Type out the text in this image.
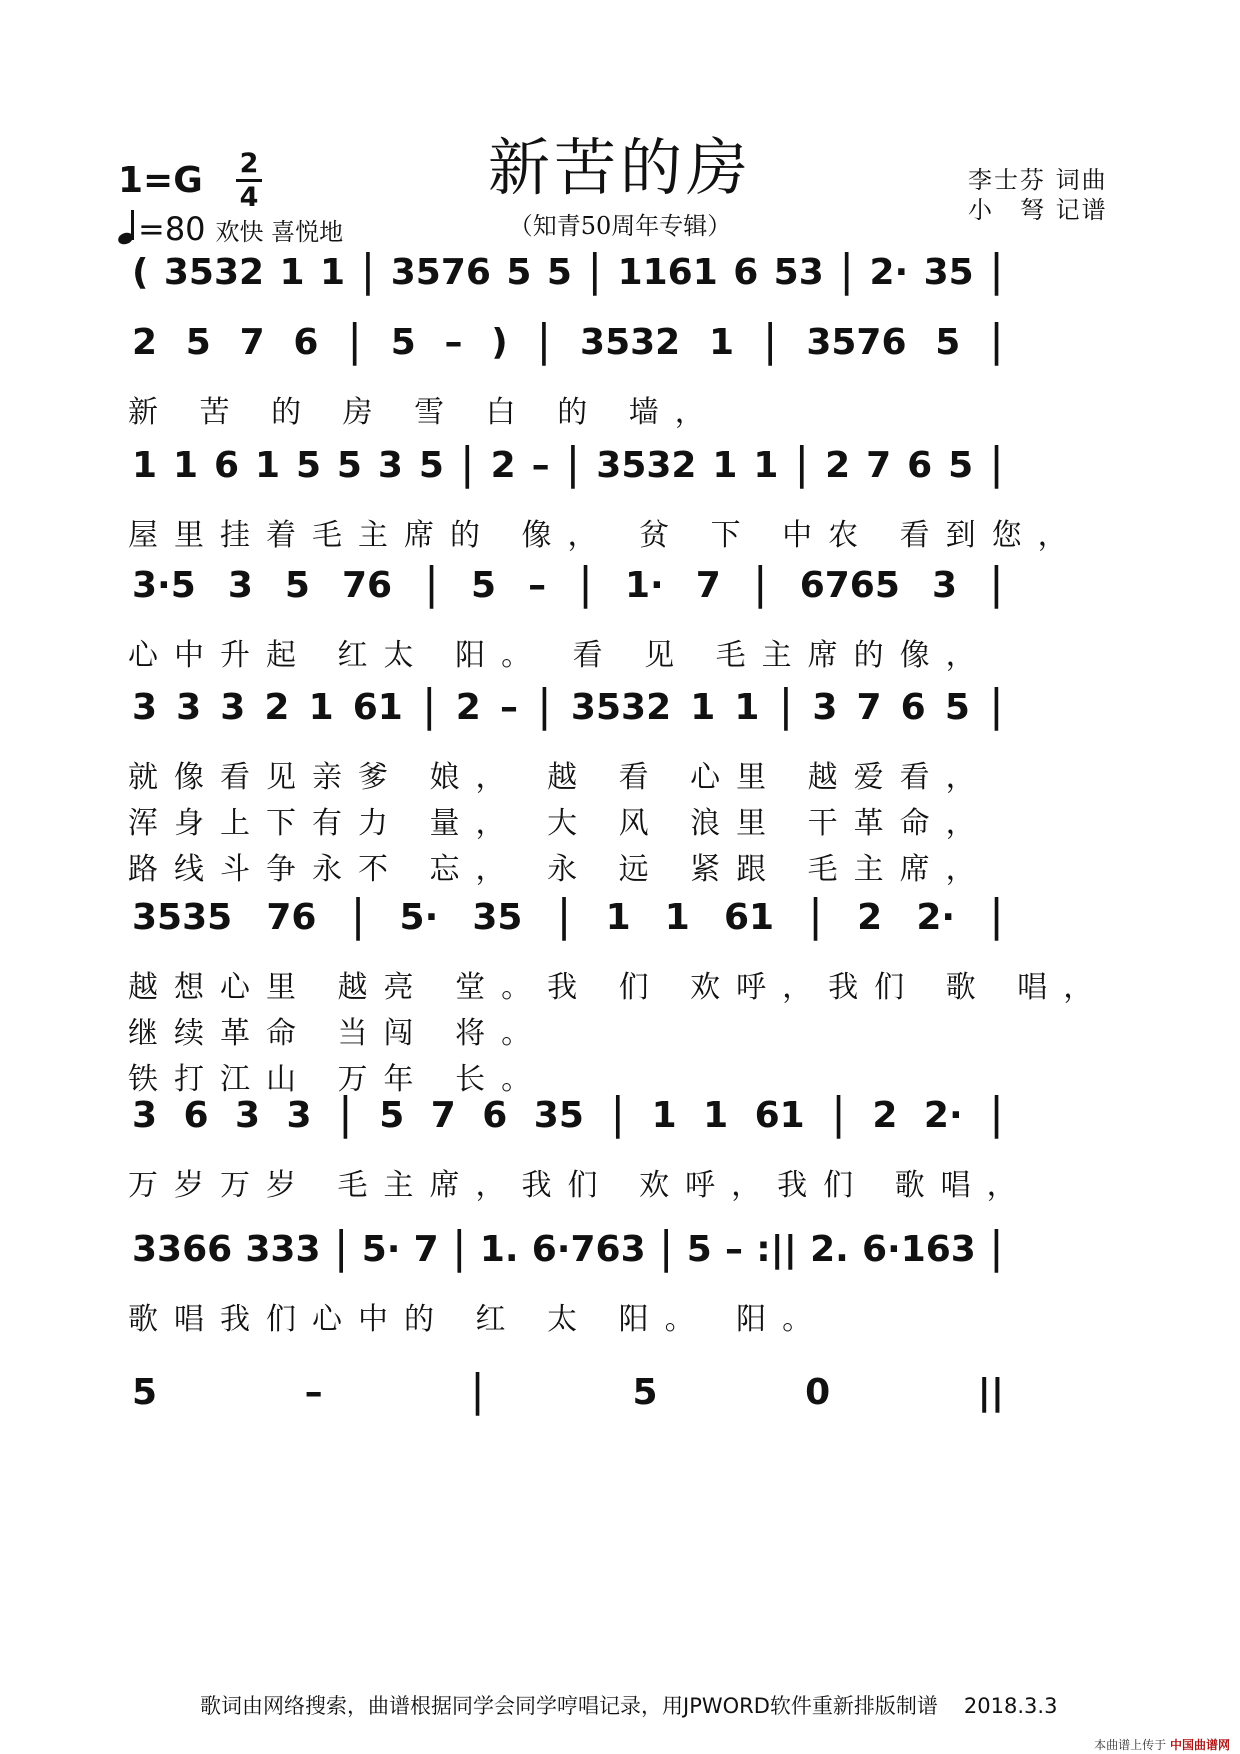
新苦的房
（知青50周年专辑）
1=G 2
4
=80 欢快 喜悦地
李士芬 词曲
小　弩 记谱
( 3532 1 1 | 3576 5 5 | 1161 6 53 | 2· 35 |
2 5 7 6 | 5 – ) | 3532 1 | 3576 5 |
新 苦 的 房 雪 白 的 墙，
1 1 6 1 5 5 3 5 | 2 – | 3532 1 1 | 2 7 6 5 |
屋里挂着毛主席的 像， 贫 下 中农 看到您，
3·5 3 5 76 | 5 – | 1· 7 | 6765 3 |
心中升起 红太 阳。 看 见 毛主席的像，
3 3 3 2 1 61 | 2 – | 3532 1 1 | 3 7 6 5 |
就像看见亲爹 娘， 越 看 心里 越爱看，
浑身上下有力 量， 大 风 浪里 干革命，
路线斗争永不 忘， 永 远 紧跟 毛主席，
3535 76 | 5· 35 | 1 1 61 | 2 2· |
越想心里 越亮 堂。我 们 欢呼，我们 歌 唱，
继续革命 当闯 将。
铁打江山 万年 长。
3 6 3 3 | 5 7 6 35 | 1 1 61 | 2 2· |
万岁万岁 毛主席，我们 欢呼，我们 歌唱，
3366 333 | 5· 7 | 1. 6·763 | 5 – :|| 2. 6·163 |
歌唱我们心中的 红 太 阳。 阳。
5	–	|	5	0	||
歌词由网络搜索，曲谱根据同学会同学哼唱记录，用JPWORD软件重新排版制谱 2018.3.3
本曲谱上传于 中国曲谱网
